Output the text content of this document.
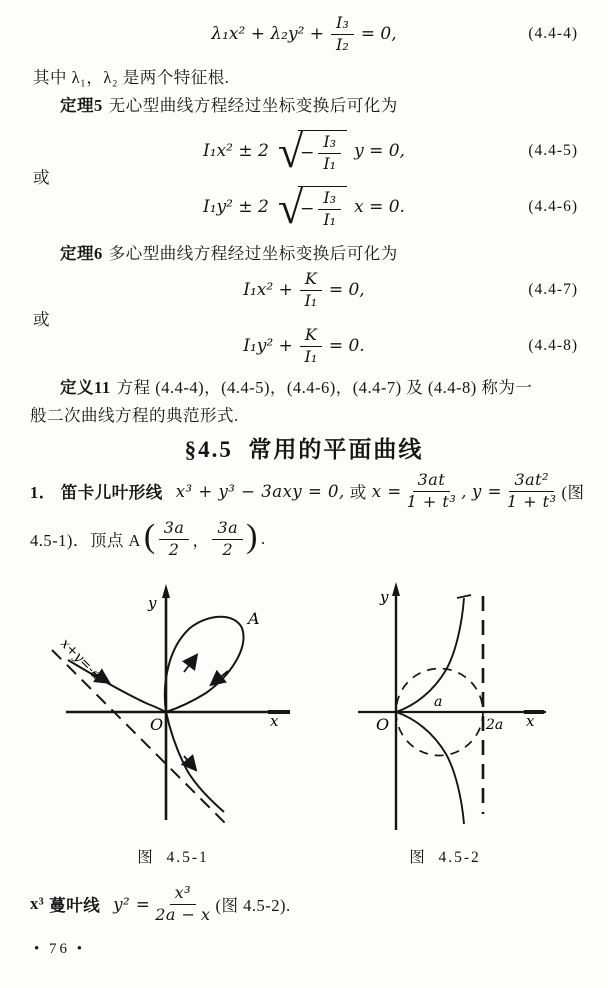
$\lambda_1x^2 + \lambda_2y^2 + \frac{\text{I₃}}{\text{I₂}} = 0$,	(4.4-4)
其中 λ₁，λ₂ 是两个特征根.
定理5 无心型曲线方程经过坐标变换后可化为
I₁x² ± 2 √
− $\frac{\text{I₃}}{\text{I₁}}$ y = 0,	(4.4-5)
或
I₁y² ± 2 √
− $\frac{\text{I₃}}{\text{I₁}}$ x = 0.	(4.4-6)
定理6 多心型曲线方程经过坐标变换后可化为
$I_1x^2 + \frac{K}{\text{I₁}} = 0$,	(4.4-7)
或
$I_1y^2 + \frac{K}{\text{I₁}} = 0$.	(4.4-8)
定义11 方程 (4.4-4)，(4.4-5)，(4.4-6)，(4.4-7) 及 (4.4-8) 称为一
般二次曲线方程的典范形式.
§4.5  常用的平面曲线
1． 笛卡儿叶形线 x³ + y³ − 3axy = 0, 或 $x = \frac{3at}{\text{1 + t³}}$ , $y = \frac{\text{3at²}}{\text{1 + t³}}$ (图
4.5-1)．顶点 A ( $\frac{3a}{2}$ ， $\frac{3a}{2}$ ) .
y
x
O
A
x+y=-a
y
x
O
a
2a
图  4.5-1	图  4.5-2
x³ 蔓叶线 $y^2 = \frac{\text{x³}}{2a - x}$ (图 4.5-2).
• 76 •
